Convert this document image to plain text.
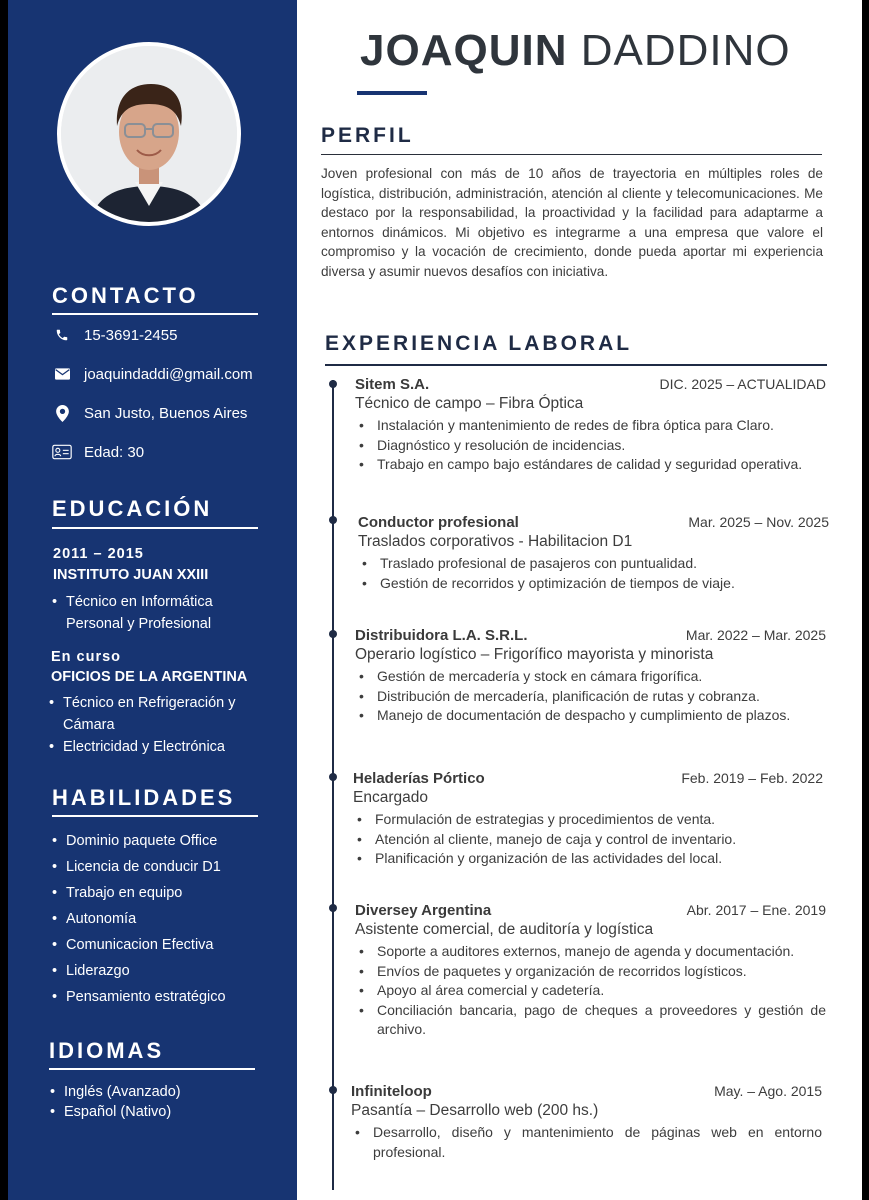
CONTACTO
15-3691-2455
joaquindaddi@gmail.com
San Justo, Buenos Aires
Edad: 30
EDUCACIÓN
2011 – 2015
INSTITUTO JUAN XXIII
• Técnico en Informática Personal y Profesional
En curso
OFICIOS DE LA ARGENTINA
• Técnico en Refrigeración y Cámara
• Electricidad y Electrónica
HABILIDADES
• Dominio paquete Office
• Licencia de conducir D1
• Trabajo en equipo
• Autonomía
• Comunicacion Efectiva
• Liderazgo
• Pensamiento estratégico
IDIOMAS
• Inglés (Avanzado)
• Español (Nativo)
JOAQUIN DADDINO
PERFIL

Joven profesional con más de 10 años de trayectoria en múltiples roles de logística, distribución, administración, atención al cliente y telecomunicaciones. Me destaco por la responsabilidad, la proactividad y la facilidad para adaptarme a entornos dinámicos. Mi objetivo es integrarme a una empresa que valore el compromiso y la vocación de crecimiento, donde pueda aportar mi experiencia diversa y asumir nuevos desafíos con iniciativa.

EXPERIENCIA LABORAL
Sitem S.A.	DIC. 2025 – ACTUALIDAD
Técnico de campo – Fibra Óptica
• Instalación y mantenimiento de redes de fibra óptica para Claro.
• Diagnóstico y resolución de incidencias.
• Trabajo en campo bajo estándares de calidad y seguridad operativa.
Conductor profesional	Mar. 2025 – Nov. 2025
Traslados corporativos - Habilitacion D1
• Traslado profesional de pasajeros con puntualidad.
• Gestión de recorridos y optimización de tiempos de viaje.
Distribuidora L.A. S.R.L.	Mar. 2022 – Mar. 2025
Operario logístico – Frigorífico mayorista y minorista
• Gestión de mercadería y stock en cámara frigorífica.
• Distribución de mercadería, planificación de rutas y cobranza.
• Manejo de documentación de despacho y cumplimiento de plazos.
Heladerías Pórtico	Feb. 2019 – Feb. 2022
Encargado
• Formulación de estrategias y procedimientos de venta.
• Atención al cliente, manejo de caja y control de inventario.
• Planificación y organización de las actividades del local.
Diversey Argentina	Abr. 2017 – Ene. 2019
Asistente comercial, de auditoría y logística
• Soporte a auditores externos, manejo de agenda y documentación.
• Envíos de paquetes y organización de recorridos logísticos.
• Apoyo al área comercial y cadetería.
• Conciliación bancaria, pago de cheques a proveedores y gestión de archivo.
Infiniteloop	May. – Ago. 2015
Pasantía – Desarrollo web (200 hs.)
• Desarrollo, diseño y mantenimiento de páginas web en entorno profesional.
